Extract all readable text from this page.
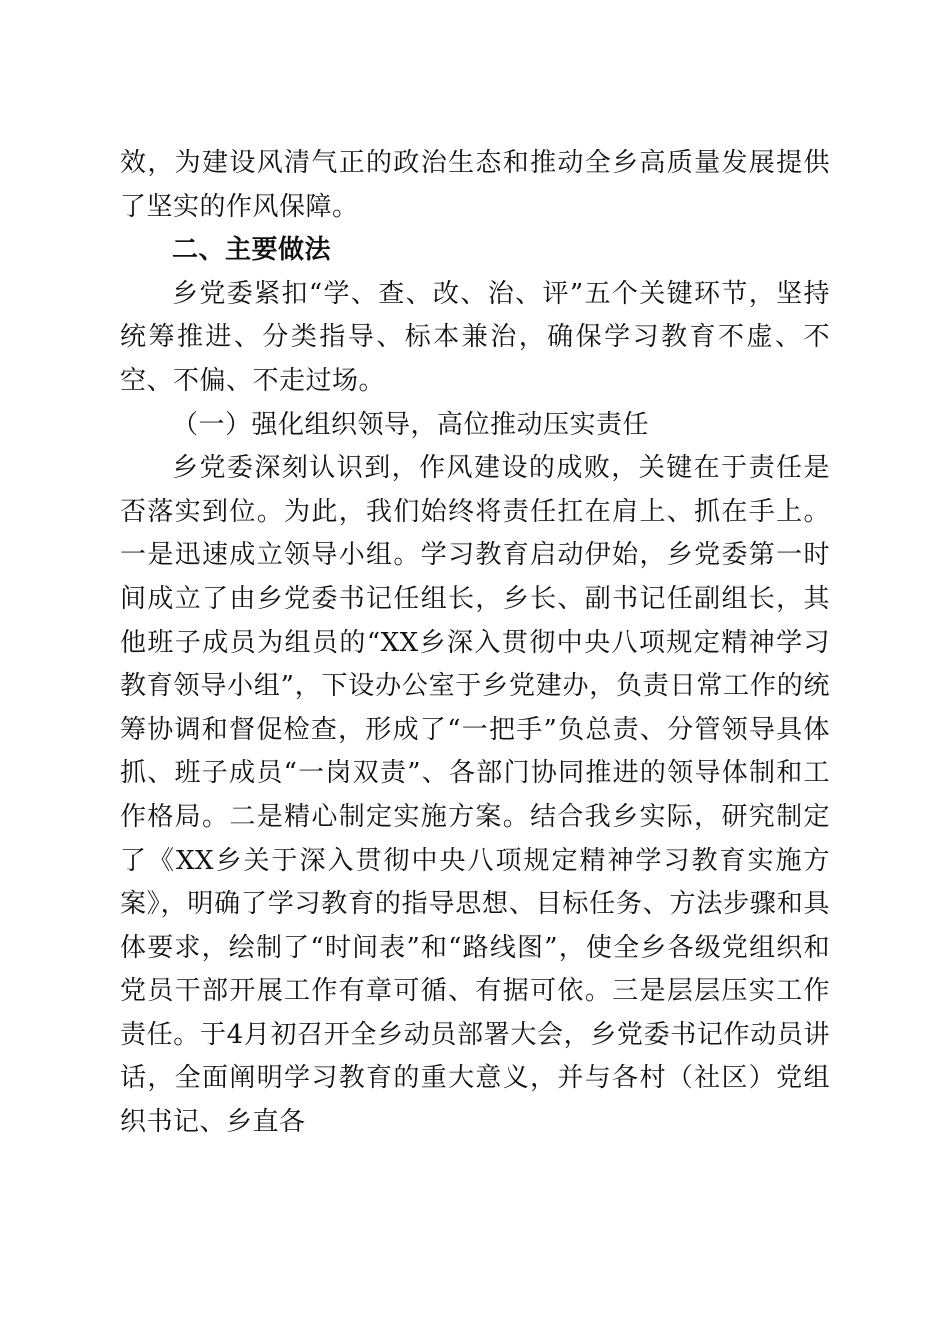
效，为建设风清气正的政治生态和推动全乡高质量发展提供了坚实的作风保障。

二、主要做法

乡党委紧扣“学、查、改、治、评”五个关键环节，坚持统筹推进、分类指导、标本兼治，确保学习教育不虚、不空、不偏、不走过场。

（一）强化组织领导，高位推动压实责任

乡党委深刻认识到，作风建设的成败，关键在于责任是否落实到位。为此，我们始终将责任扛在肩上、抓在手上。一是迅速成立领导小组。学习教育启动伊始，乡党委第一时间成立了由乡党委书记任组长，乡长、副书记任副组长，其他班子成员为组员的“XX乡深入贯彻中央八项规定精神学习教育领导小组”，下设办公室于乡党建办，负责日常工作的统筹协调和督促检查，形成了“一把手”负总责、分管领导具体抓、班子成员“一岗双责”、各部门协同推进的领导体制和工作格局。二是精心制定实施方案。结合我乡实际，研究制定了《XX乡关于深入贯彻中央八项规定精神学习教育实施方案》，明确了学习教育的指导思想、目标任务、方法步骤和具体要求，绘制了“时间表”和“路线图”，使全乡各级党组织和党员干部开展工作有章可循、有据可依。三是层层压实工作责任。于4月初召开全乡动员部署大会，乡党委书记作动员讲话，全面阐明学习教育的重大意义，并与各村（社区）党组织书记、乡直各
